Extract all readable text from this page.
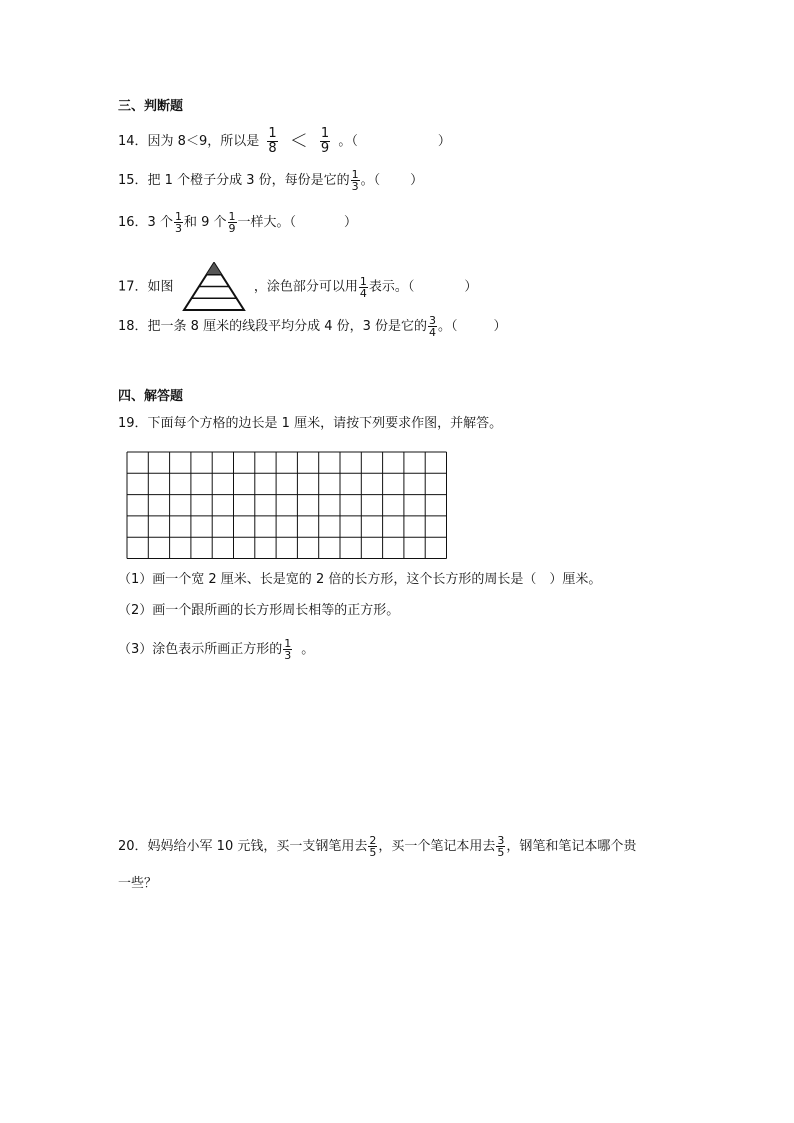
三、判断题
14．因为 8＜9，所以是 $\frac{1}{8} < \frac{1}{9}$ 。（	）
15．把 1 个橙子分成 3 份，每份是它的 $\frac{1}{3}$ 。（ ）
16．3 个 $\frac{1}{3}$ 和 9 个 $\frac{1}{9}$ 一样大。（	）
17．如图	，涂色部分可以用 $\frac{1}{4}$ 表示。（	）
18．把一条 8 厘米的线段平均分成 4 份，3 份是它的 $\frac{3}{4}$ 。（	）
四、解答题
19．下面每个方格的边长是 1 厘米，请按下列要求作图，并解答。
（1）画一个宽 2 厘米、长是宽的 2 倍的长方形，这个长方形的周长是（　）厘米。
（2）画一个跟所画的长方形周长相等的正方形。
（3）涂色表示所画正方形的 $\frac{1}{3}$ 。
20．妈妈给小军 10 元钱，买一支钢笔用去 $\frac{2}{5}$ ，买一个笔记本用去 $\frac{3}{5}$ ，钢笔和笔记本哪个贵
一些？
